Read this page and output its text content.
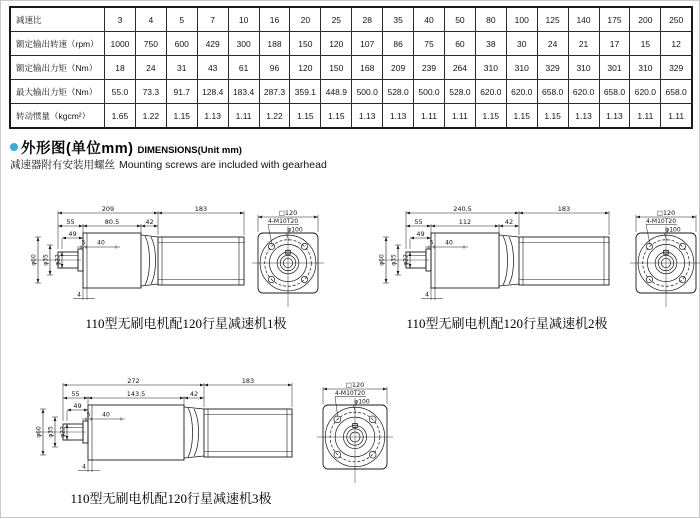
减速比	3	4	5	7	10	16	20	25	28	35	40	50	80	100	125	140	175	200	250
额定输出转速（rpm）	1000	750	600	429	300	188	150	120	107	86	75	60	38	30	24	21	17	15	12
额定输出力矩（Nm）	18	24	31	43	61	96	120	150	168	209	239	264	310	310	329	310	301	310	329
最大输出力矩（Nm）	55.0	73.3	91.7	128.4	183.4	287.3	359.1	448.9	500.0	528.0	500.0	528.0	620.0	620.0	658.0	620.0	658.0	620.0	658.0
转动惯量（kgcm²）	1.65	1.22	1.15	1.13	1.11	1.22	1.15	1.15	1.13	1.13	1.11	1.11	1.15	1.15	1.15	1.13	1.13	1.11	1.11
外形图(单位mm) DIMENSIONS(Unit mm)
减速器附有安装用螺丝 Mounting screws are included with gearhead
209	183
55	80.5	42
49
5 40
φ60 φ35 φ22
4
□120
4-M10T20
φ100
240.5	183
55	112	42
49
5 40
φ60 φ35 φ22
4
□120
4-M10T20
φ100
272	183
55	143.5	42
49
5 40
φ60 φ35 φ22
4
□120
4-M10T20
φ100
110型无刷电机配120行星减速机1极	110型无刷电机配120行星减速机2极
110型无刷电机配120行星减速机3极
